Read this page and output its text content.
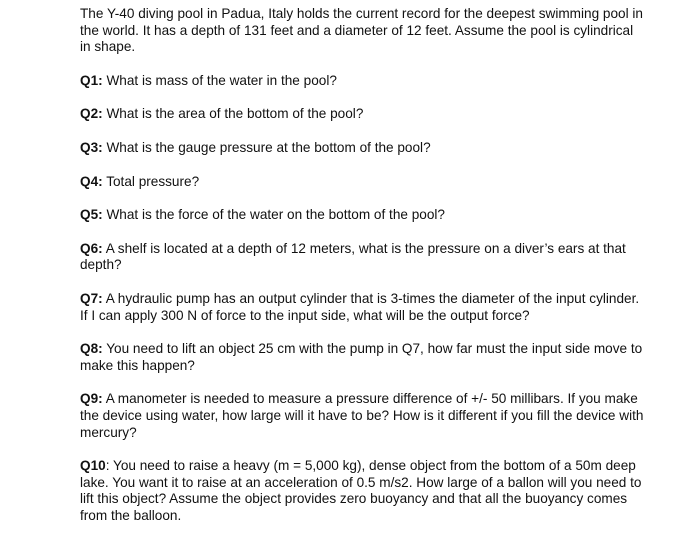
The Y-40 diving pool in Padua, Italy holds the current record for the deepest swimming pool in the world. It has a depth of 131 feet and a diameter of 12 feet. Assume the pool is cylindrical in shape.

Q1: What is mass of the water in the pool?

Q2: What is the area of the bottom of the pool?

Q3: What is the gauge pressure at the bottom of the pool?

Q4: Total pressure?

Q5: What is the force of the water on the bottom of the pool?

Q6: A shelf is located at a depth of 12 meters, what is the pressure on a diver’s ears at that depth?

Q7: A hydraulic pump has an output cylinder that is 3-times the diameter of the input cylinder. If I can apply 300 N of force to the input side, what will be the output force?

Q8: You need to lift an object 25 cm with the pump in Q7, how far must the input side move to make this happen?

Q9: A manometer is needed to measure a pressure difference of +/- 50 millibars. If you make the device using water, how large will it have to be? How is it different if you fill the device with mercury?

Q10: You need to raise a heavy (m = 5,000 kg), dense object from the bottom of a 50m deep lake. You want it to raise at an acceleration of 0.5 m/s2. How large of a ballon will you need to lift this object? Assume the object provides zero buoyancy and that all the buoyancy comes from the balloon.
